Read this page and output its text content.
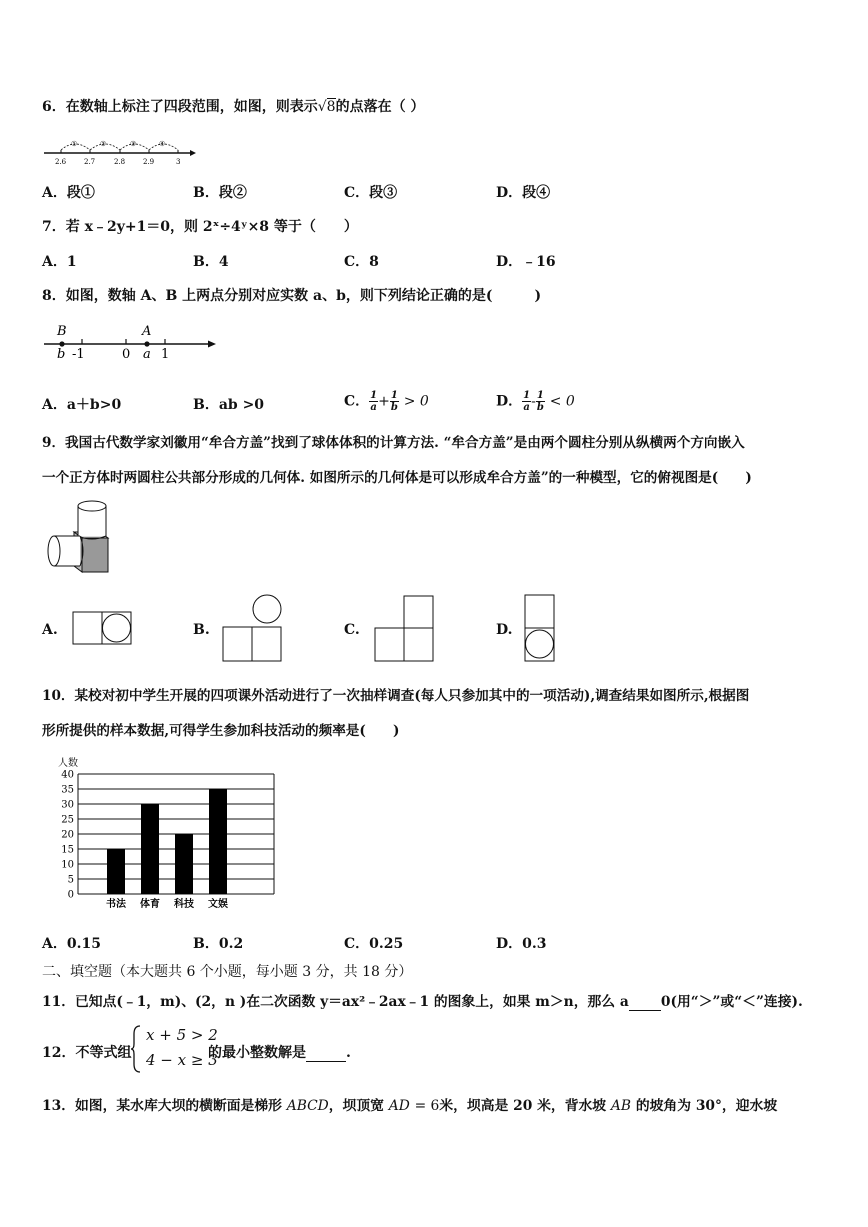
6．在数轴上标注了四段范围，如图，则表示√8的点落在（ ）
①	②	③	④
2.6	2.7	2.8	2.9	3
A．段①	B．段②	C．段③	D．段④
7．若 x﹣2y+1＝0，则 2ˣ÷4ʸ×8 等于（　　）
A．1	B．4	C．8	D．﹣16
8．如图，数轴 A、B 上两点分别对应实数 a、b，则下列结论正确的是(　　　)
B	A
b -1	0 a 1
A．a＋b>0	B．ab >0	C． $\frac{1}{a} + \frac{1}{b} > 0$	D． $\frac{1}{a} - \frac{1}{b} < 0$
9．我国古代数学家刘徽用“牟合方盖”找到了球体体积的计算方法. “牟合方盖”是由两个圆柱分别从纵横两个方向嵌入
一个正方体时两圆柱公共部分形成的几何体. 如图所示的几何体是可以形成牟合方盖”的一种模型，它的俯视图是(　　)
A.	B.	C.	D.
10．某校对初中学生开展的四项课外活动进行了一次抽样调查(每人只参加其中的一项活动),调查结果如图所示,根据图
形所提供的样本数据,可得学生参加科技活动的频率是(　　)
人数
0
5
10
15
20
25
30
35
40
书法 体育 科技 文娱
A．0.15	B．0.2	C．0.25	D．0.3
二、填空题（本大题共 6 个小题，每小题 3 分，共 18 分）
11．已知点(﹣1，m)、(2，n )在二次函数 y＝ax²﹣2ax﹣1 的图象上，如果 m＞n，那么 a 0(用“＞”或“＜”连接).
12．不等式组
x + 5 > 2
4 − x ≥ 3
的最小整数解是	.
13．如图，某水库大坝的横断面是梯形 ABCD，坝顶宽 AD = 6米，坝高是 20 米，背水坡 AB 的坡角为 30°，迎水坡
